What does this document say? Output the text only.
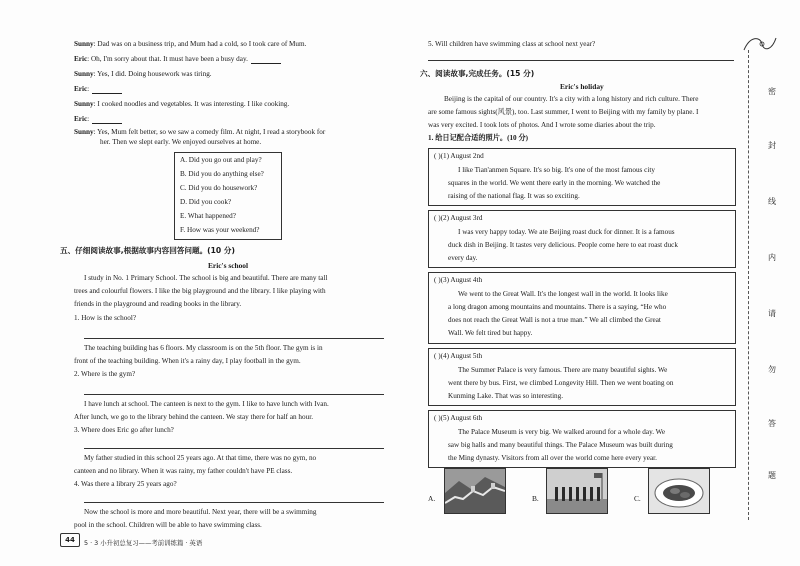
Sunny: Dad was on a business trip, and Mum had a cold, so I took care of Mum.
Eric: Oh, I'm sorry about that. It must have been a busy day.
Sunny: Yes, I did. Doing housework was tiring.
Eric:
Sunny: I cooked noodles and vegetables. It was interesting. I like cooking.
Eric:
Sunny: Yes, Mum felt better, so we saw a comedy film. At night, I read a storybook for
her. Then we slept early. We enjoyed ourselves at home.
A. Did you go out and play?
B. Did you do anything else?
C. Did you do housework?
D. Did you cook?
E. What happened?
F. How was your weekend?
五、仔细阅读故事,根据故事内容回答问题。(10 分)
Eric's school
I study in No. 1 Primary School. The school is big and beautiful. There are many tall
trees and colourful flowers. I like the big playground and the library. I like playing with
friends in the playground and reading books in the library.
1. How is the school?
The teaching building has 6 floors. My classroom is on the 5th floor. The gym is in
front of the teaching building. When it's a rainy day, I play football in the gym.
2. Where is the gym?
I have lunch at school. The canteen is next to the gym. I like to have lunch with Ivan.
After lunch, we go to the library behind the canteen. We stay there for half an hour.
3. Where does Eric go after lunch?
My father studied in this school 25 years ago. At that time, there was no gym, no
canteen and no library. When it was rainy, my father couldn't have PE class.
4. Was there a library 25 years ago?
Now the school is more and more beautiful. Next year, there will be a swimming
pool in the school. Children will be able to have swimming class.
44	5 · 3 小升初总复习——考前训练篇 · 英语
5. Will children have swimming class at school next year?
六、阅读故事,完成任务。(15 分)
Eric's holiday
Beijing is the capital of our country. It's a city with a long history and rich culture. There
are some famous sights(风景), too. Last summer, I went to Beijing with my family by plane. I
was very excited. I took lots of photos. And I wrote some diaries about the trip.
1. 给日记配合适的照片。(10 分)
( )(1) August 2nd
I like Tian'anmen Square. It's so big. It's one of the most famous city
squares in the world. We went there early in the morning. We watched the
raising of the national flag. It was so exciting.
( )(2) August 3rd
I was very happy today. We ate Beijing roast duck for dinner. It is a famous
duck dish in Beijing. It tastes very delicious. People come here to eat roast duck
every day.
( )(3) August 4th
We went to the Great Wall. It's the longest wall in the world. It looks like
a long dragon among mountains and mountains. There is a saying, “He who
does not reach the Great Wall is not a true man.” We all climbed the Great
Wall. We felt tired but happy.
( )(4) August 5th
The Summer Palace is very famous. There are many beautiful sights. We
went there by bus. First, we climbed Longevity Hill. Then we went boating on
Kunming Lake. That was so interesting.
( )(5) August 6th
The Palace Museum is very big. We walked around for a whole day. We
saw big halls and many beautiful things. The Palace Museum was built during
the Ming dynasty. Visitors from all over the world come here every year.
A.	B.	C.
密
封
线
内
请
勿
答
题
